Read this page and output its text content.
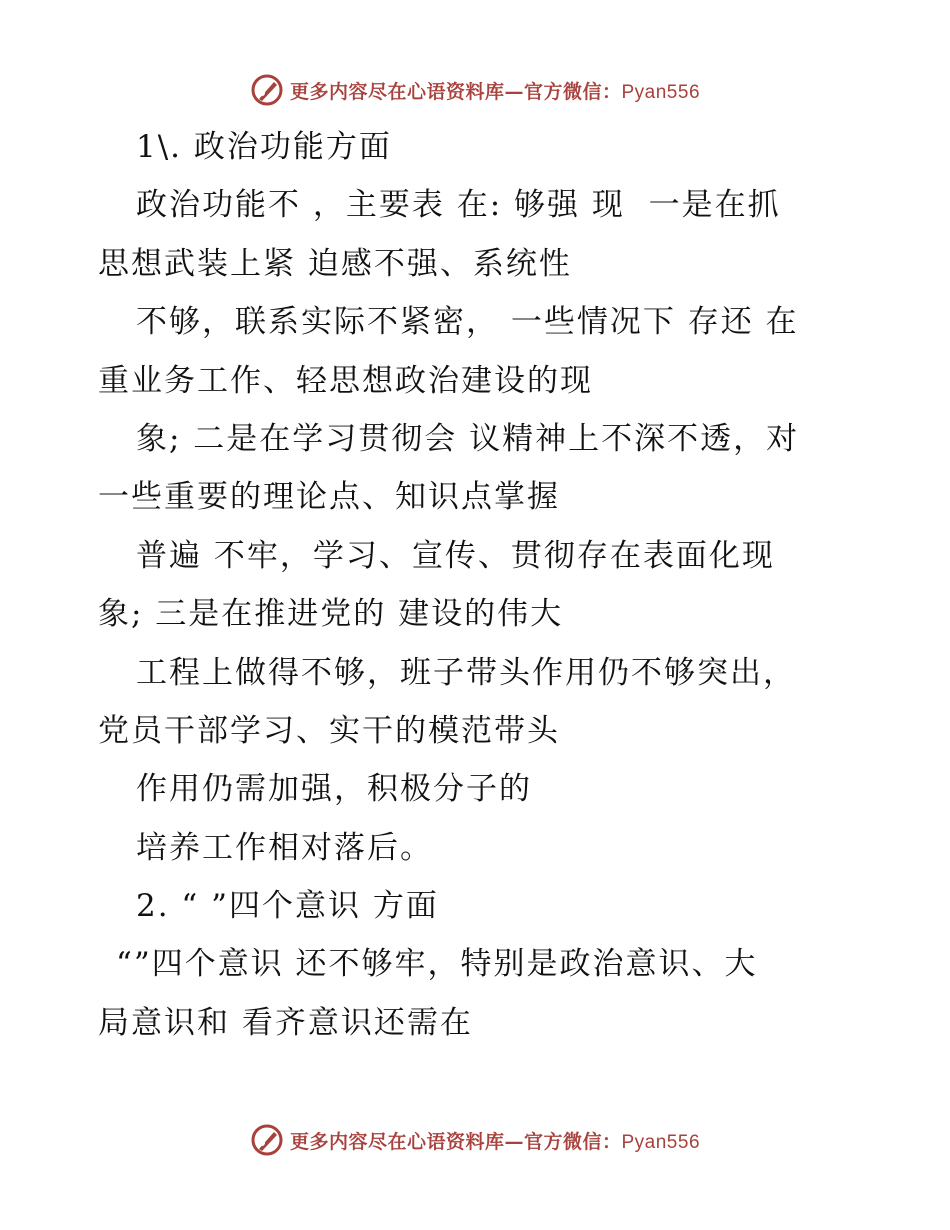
更多内容尽在心语资料库—官方微信：Pyan556
1\. 政治功能方面
政治功能不 ，主要表 在: 够强 现  一是在抓
思想武装上紧 迫感不强、系统性
不够，联系实际不紧密， 一些情况下 存还 在
重业务工作、轻思想政治建设的现
象; 二是在学习贯彻会 议精神上不深不透，对
一些重要的理论点、知识点掌握
普遍 不牢，学习、宣传、贯彻存在表面化现
象; 三是在推进党的 建设的伟大
工程上做得不够，班子带头作用仍不够突出，
党员干部学习、实干的模范带头
作用仍需加强，积极分子的
培养工作相对落后。
2. “ ”四个意识 方面
“”四个意识 还不够牢，特别是政治意识、大
局意识和 看齐意识还需在
更多内容尽在心语资料库—官方微信：Pyan556
